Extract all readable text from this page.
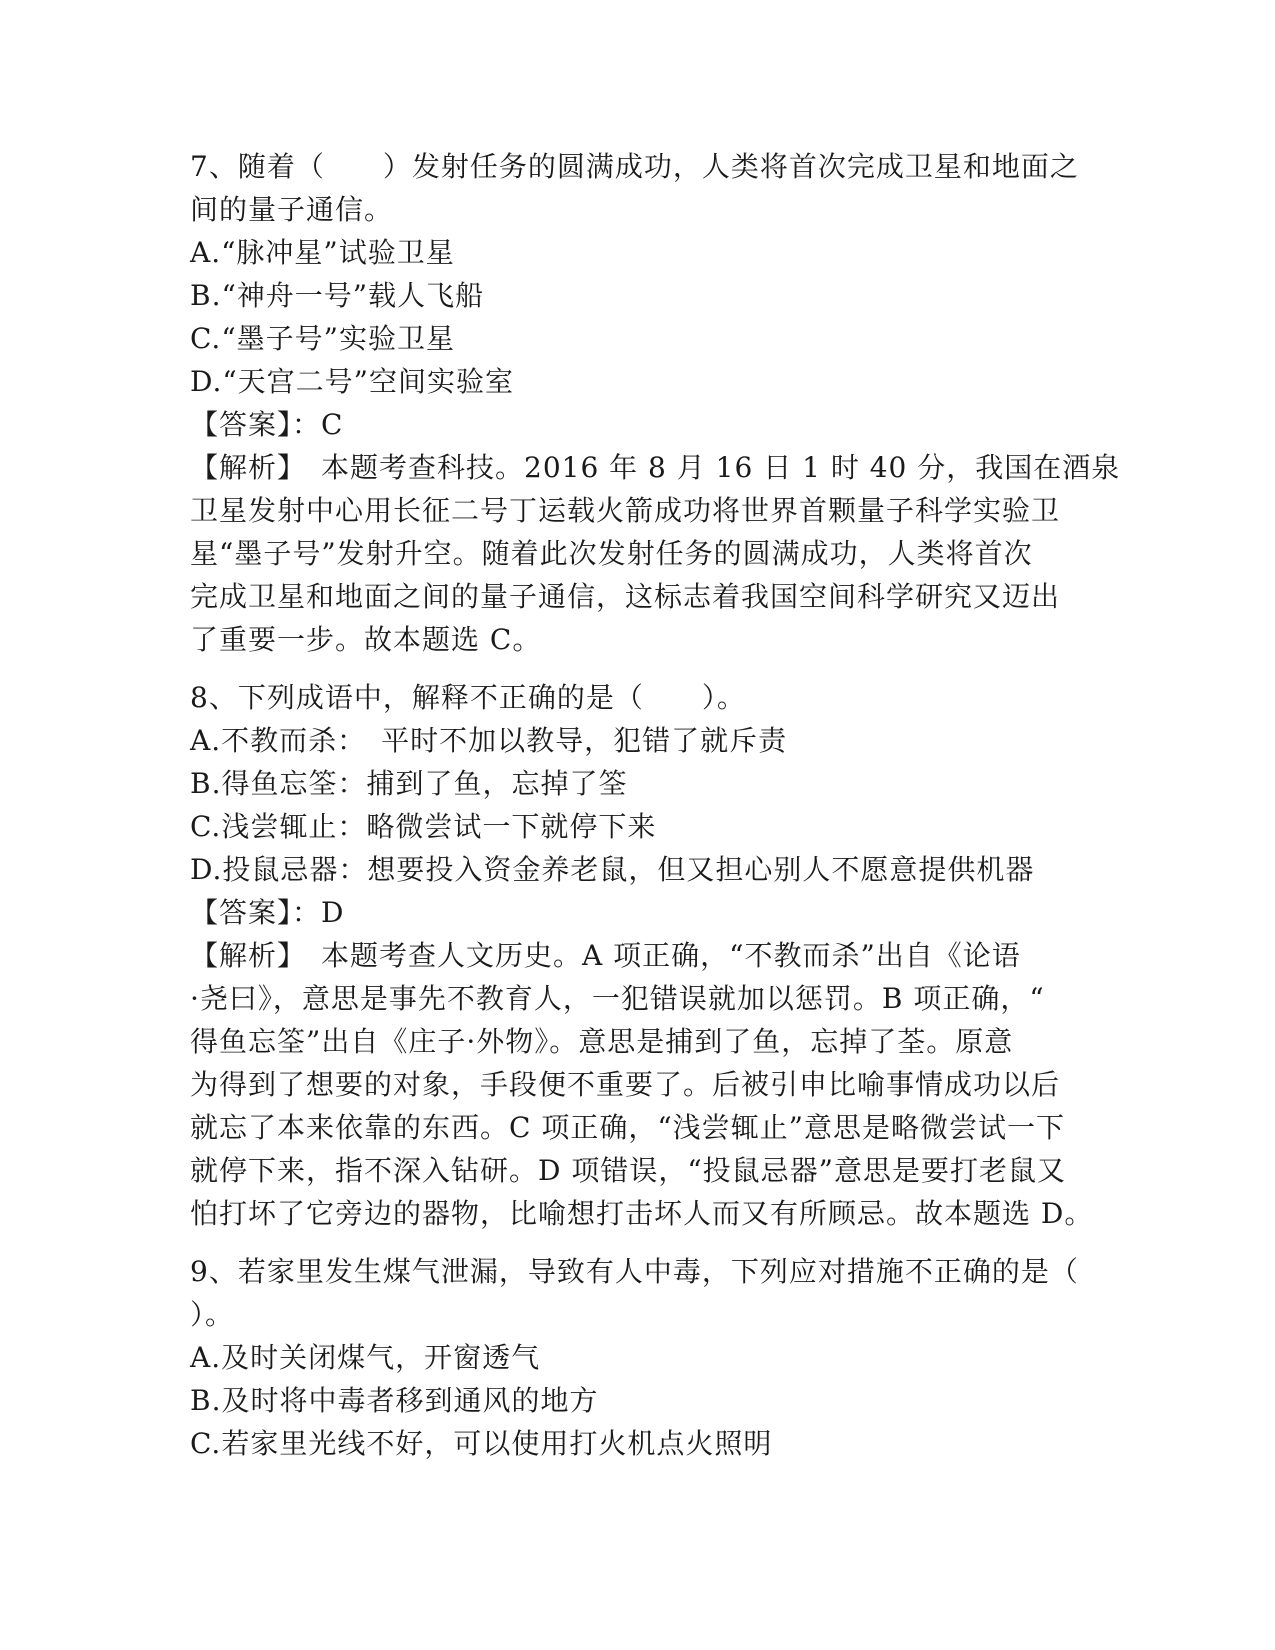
7、随着（　　）发射任务的圆满成功，人类将首次完成卫星和地面之
间的量子通信。
A.“脉冲星”试验卫星
B.“神舟一号”载人飞船
C.“墨子号”实验卫星
D.“天宫二号”空间实验室
【答案】：C
【解析】　本题考查科技。2016 年 8 月 16 日 1 时 40 分，我国在酒泉
卫星发射中心用长征二号丁运载火箭成功将世界首颗量子科学实验卫
星“墨子号”发射升空。随着此次发射任务的圆满成功，人类将首次
完成卫星和地面之间的量子通信，这标志着我国空间科学研究又迈出
了重要一步。故本题选 C。
8、下列成语中，解释不正确的是（　　）。
A.不教而杀：　平时不加以教导，犯错了就斥责
B.得鱼忘筌：捕到了鱼，忘掉了筌
C.浅尝辄止：略微尝试一下就停下来
D.投鼠忌器：想要投入资金养老鼠，但又担心别人不愿意提供机器
【答案】：D
【解析】　本题考查人文历史。A 项正确，“不教而杀”出自《论语
·尧曰》，意思是事先不教育人，一犯错误就加以惩罚。B 项正确，“
得鱼忘筌”出自《庄子·外物》。意思是捕到了鱼，忘掉了荃。原意
为得到了想要的对象，手段便不重要了。后被引申比喻事情成功以后
就忘了本来依靠的东西。C 项正确，“浅尝辄止”意思是略微尝试一下
就停下来，指不深入钻研。D 项错误，“投鼠忌器”意思是要打老鼠又
怕打坏了它旁边的器物，比喻想打击坏人而又有所顾忌。故本题选 D。
9、若家里发生煤气泄漏，导致有人中毒，下列应对措施不正确的是（
）。
A.及时关闭煤气，开窗透气
B.及时将中毒者移到通风的地方
C.若家里光线不好，可以使用打火机点火照明
